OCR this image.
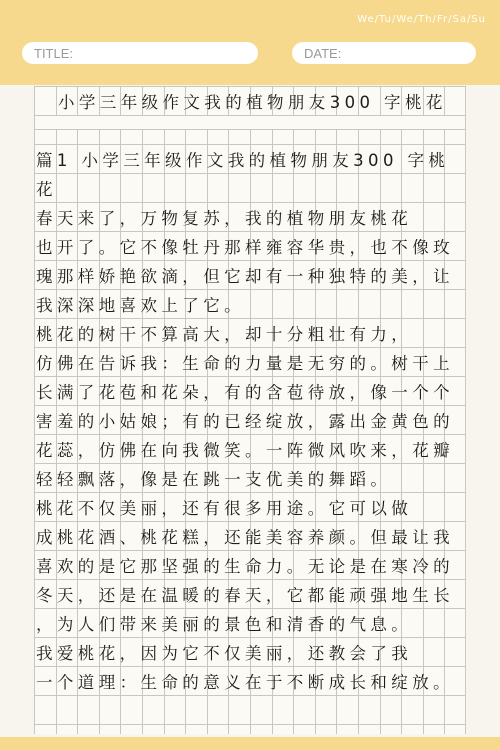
We/Tu/We/Th/Fr/Sa/Su
TITLE:	DATE:
小学三年级作文我的植物朋友300 字桃花
篇1 小学三年级作文我的植物朋友300 字桃
花
春天来了，万物复苏，我的植物朋友桃花
也开了。它不像牡丹那样雍容华贵，也不像玫
瑰那样娇艳欲滴，但它却有一种独特的美，让
我深深地喜欢上了它。
桃花的树干不算高大，却十分粗壮有力，
仿佛在告诉我：生命的力量是无穷的。树干上
长满了花苞和花朵，有的含苞待放，像一个个
害羞的小姑娘；有的已经绽放，露出金黄色的
花蕊，仿佛在向我微笑。一阵微风吹来，花瓣
轻轻飘落，像是在跳一支优美的舞蹈。
桃花不仅美丽，还有很多用途。它可以做
成桃花酒、桃花糕，还能美容养颜。但最让我
喜欢的是它那坚强的生命力。无论是在寒冷的
冬天，还是在温暖的春天，它都能顽强地生长
，为人们带来美丽的景色和清香的气息。
我爱桃花，因为它不仅美丽，还教会了我
一个道理：生命的意义在于不断成长和绽放。
